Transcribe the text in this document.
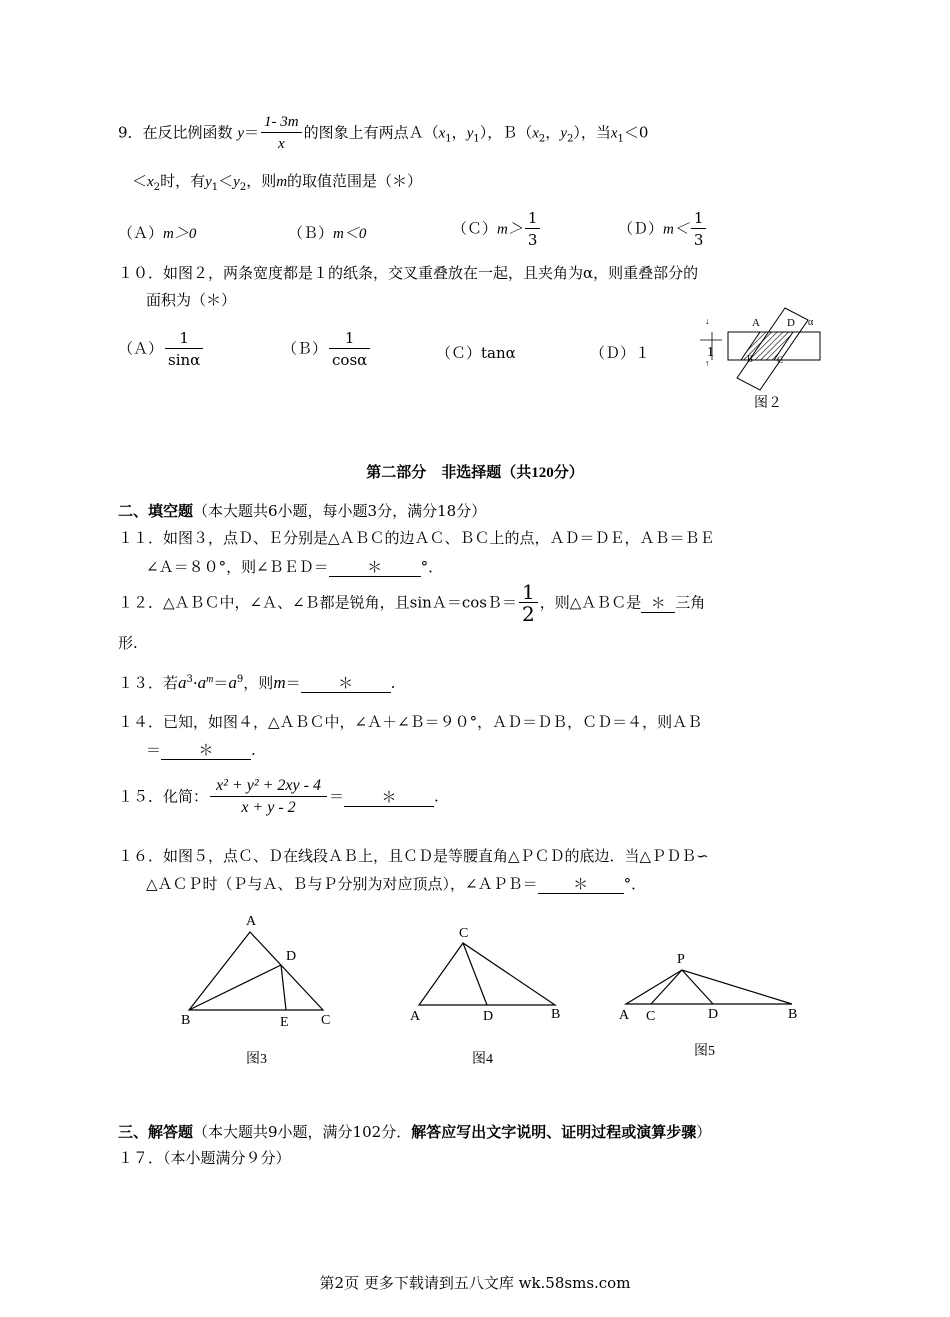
9．在反比例函数 $y= \frac{1- 3m}{x}$ 的图象上有两点$A(x_1$，$y_1$），$B(x_2$，$y_2$），当$x_1<0$
$<x_2$时，有$y_1<y_2$，则m的取值范围是（＊）
（Ａ）m＞0	（Ｂ）m＜0	（Ｃ）m＞ $\frac{1}{3}$	（Ｄ）m＜ $\frac{1}{3}$
１０．如图２，两条宽度都是１的纸条，交叉重叠放在一起，且夹角为α，则重叠部分的
面积为（＊）
（Ａ） $\frac{1}{\sin\alpha}$	（Ｂ） $\frac{1}{\cos\alpha}$	（Ｃ）tanα	（Ｄ）１
↓
↑
1
A D α
B	C
图２
第二部分　非选择题（共120分）
二、填空题（本大题共6小题，每小题3分，满分18分）
１１．如图３，点Ｄ、Ｅ分别是△ＡＢＣ的边ＡＣ、ＢＣ上的点，ＡＤ＝ＤＥ，ＡＢ＝ＢＥ
∠Ａ＝８０°，则∠ＢＥＤ＝	＊	°．
１２．△ＡＢＣ中，∠Ａ、∠Ｂ都是锐角，且sinＡ＝cosＢ＝ $\frac{1}{2}$ ，则△ＡＢＣ是 ＊ 三角
形.
１３．若$a^3\cdot a^m=a^9$，则m＝ ＊	.
１４．已知，如图４，△ＡＢＣ中，∠Ａ＋∠Ｂ＝９０°，ＡＤ＝ＤＢ，ＣＤ＝４，则ＡＢ
＝ ＊	.
１５．化简： $\frac{\text{x² + y² + 2xy - 4}}{x + y - 2}$ ＝ ＊	.
１６．如图５，点Ｃ、Ｄ在线段ＡＢ上，且ＣＤ是等腰直角△ＰＣＤ的底边．当△ＰＤＢ∽
△ＡＣＰ时（Ｐ与Ａ、Ｂ与Ｐ分别为对应顶点），∠ＡＰＢ＝ ＊ °．
A
D
B	E C
图3
C
A	D	B
图4
P
A C	D	B
图5
三、解答题（本大题共9小题，满分102分．解答应写出文字说明、证明过程或演算步骤）
１７．（本小题满分９分）
第2页 更多下载请到五八文库 wk.58sms.com
